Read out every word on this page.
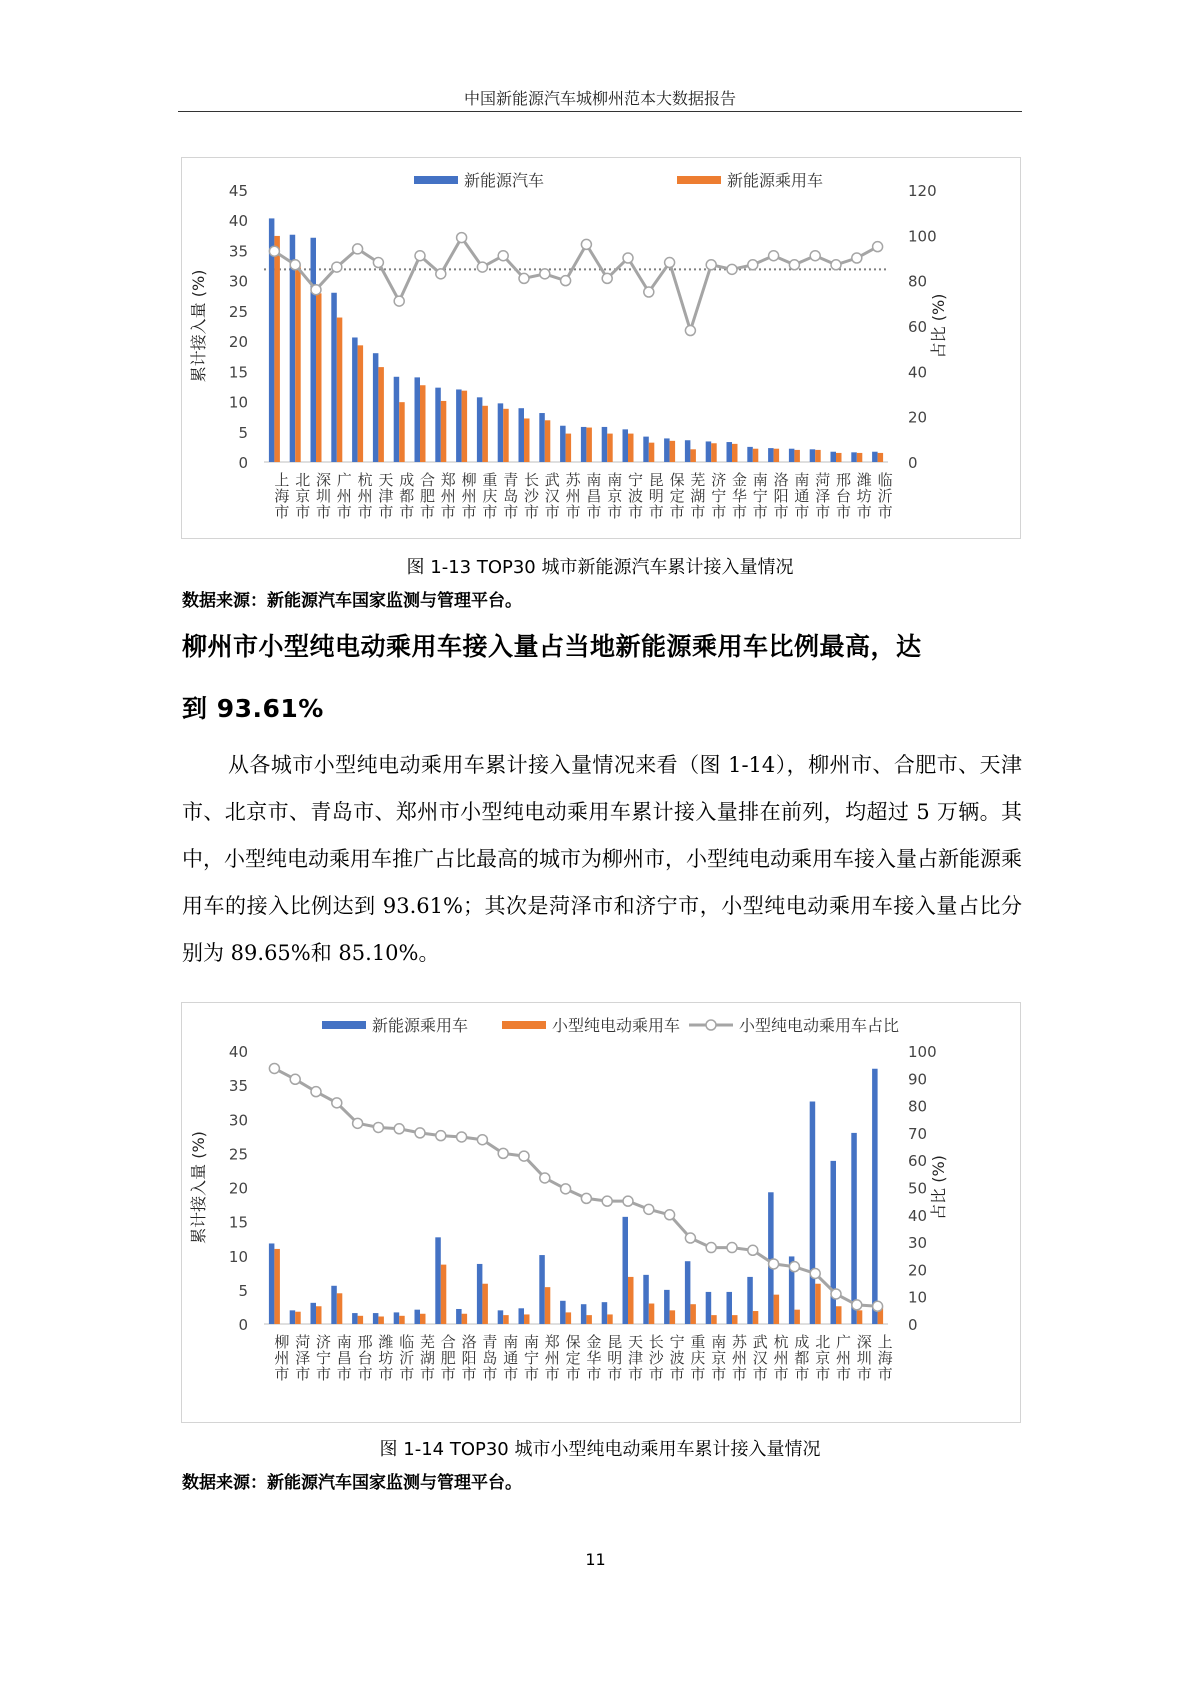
中国新能源汽车城柳州范本大数据报告
新能源汽车	新能源乘用车
0
5
10
15
20
25
30
35
40
45
0
20
40
60
80
100
120
累计接入量 (%)	占比 (%)
上海市 北京市 深圳市 广州市 杭州市 天津市 成都市 合肥市 郑州市 柳州市 重庆市 青岛市 长沙市 武汉市 苏州市 南昌市 南京市 宁波市 昆明市 保定市 芜湖市 济宁市 金华市 南宁市 洛阳市 南通市 菏泽市 邢台市 潍坊市 临沂市
图 1-13 TOP30 城市新能源汽车累计接入量情况
数据来源：新能源汽车国家监测与管理平台。
柳州市小型纯电动乘用车接入量占当地新能源乘用车比例最高，达
到 93.61%

从各城市小型纯电动乘用车累计接入量情况来看（图 1-14），柳州市、合肥市、天津市、北京市、青岛市、郑州市小型纯电动乘用车累计接入量排在前列，均超过 5 万辆。其中，小型纯电动乘用车推广占比最高的城市为柳州市，小型纯电动乘用车接入量占新能源乘用车的接入比例达到 93.61%；其次是菏泽市和济宁市，小型纯电动乘用车接入量占比分别为 89.65%和 85.10%。

新能源乘用车	小型纯电动乘用车	小型纯电动乘用车占比
0
5
10
15
20
25
30
35
40
0
10
20
30
40
50
60
70
80
90
100
累计接入量 (%)	占比 (%)
柳州市 菏泽市 济宁市 南昌市 邢台市 潍坊市 临沂市 芜湖市 合肥市 洛阳市 青岛市 南通市 南宁市 郑州市 保定市 金华市 昆明市 天津市 长沙市 宁波市 重庆市 南京市 苏州市 武汉市 杭州市 成都市 北京市 广州市 深圳市 上海市
图 1-14 TOP30 城市小型纯电动乘用车累计接入量情况
数据来源：新能源汽车国家监测与管理平台。
11
